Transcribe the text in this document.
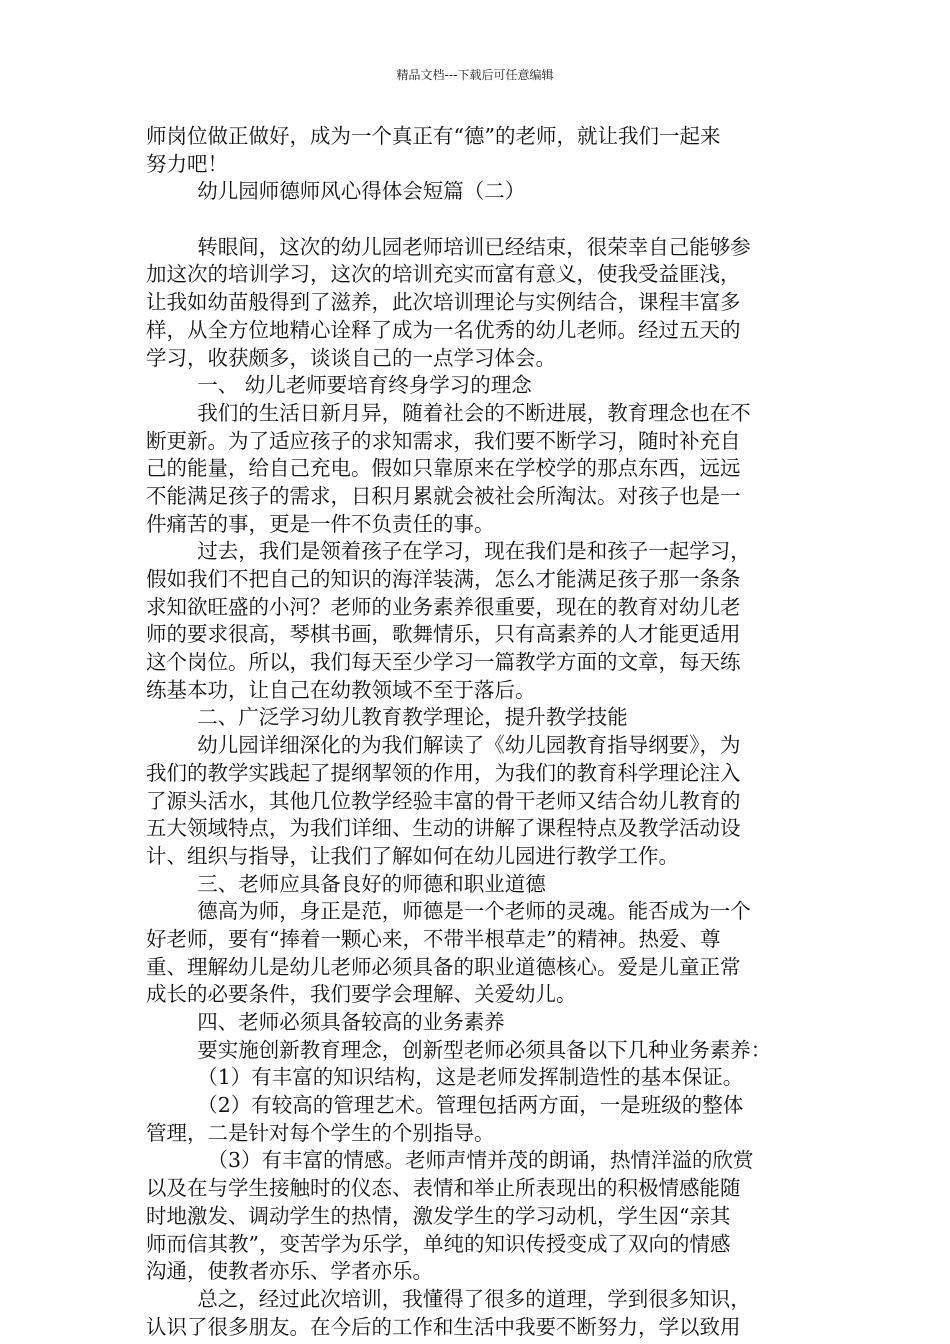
精品文档---下载后可任意编辑
师岗位做正做好，成为一个真正有“德”的老师，就让我们一起来
努力吧！
幼儿园师德师风心得体会短篇（二）
转眼间，这次的幼儿园老师培训已经结束，很荣幸自己能够参
加这次的培训学习，这次的培训充实而富有意义，使我受益匪浅，
让我如幼苗般得到了滋养，此次培训理论与实例结合，课程丰富多
样，从全方位地精心诠释了成为一名优秀的幼儿老师。经过五天的
学习，收获颇多，谈谈自己的一点学习体会。
一、 幼儿老师要培育终身学习的理念
我们的生活日新月异，随着社会的不断进展，教育理念也在不
断更新。为了适应孩子的求知需求，我们要不断学习，随时补充自
己的能量，给自己充电。假如只靠原来在学校学的那点东西，远远
不能满足孩子的需求，日积月累就会被社会所淘汰。对孩子也是一
件痛苦的事，更是一件不负责任的事。
过去，我们是领着孩子在学习，现在我们是和孩子一起学习，
假如我们不把自己的知识的海洋装满，怎么才能满足孩子那一条条
求知欲旺盛的小河？老师的业务素养很重要，现在的教育对幼儿老
师的要求很高，琴棋书画，歌舞情乐，只有高素养的人才能更适用
这个岗位。所以，我们每天至少学习一篇教学方面的文章，每天练
练基本功，让自己在幼教领域不至于落后。
二、广泛学习幼儿教育教学理论，提升教学技能
幼儿园详细深化的为我们解读了《幼儿园教育指导纲要》，为
我们的教学实践起了提纲挈领的作用，为我们的教育科学理论注入
了源头活水，其他几位教学经验丰富的骨干老师又结合幼儿教育的
五大领域特点，为我们详细、生动的讲解了课程特点及教学活动设
计、组织与指导，让我们了解如何在幼儿园进行教学工作。
三、老师应具备良好的师德和职业道德
德高为师，身正是范，师德是一个老师的灵魂。能否成为一个
好老师，要有“捧着一颗心来，不带半根草走”的精神。热爱、尊
重、理解幼儿是幼儿老师必须具备的职业道德核心。爱是儿童正常
成长的必要条件，我们要学会理解、关爱幼儿。
四、老师必须具备较高的业务素养
要实施创新教育理念，创新型老师必须具备以下几种业务素养：
（1）有丰富的知识结构，这是老师发挥制造性的基本保证。
（2）有较高的管理艺术。管理包括两方面，一是班级的整体
管理，二是针对每个学生的个别指导。
（3）有丰富的情感。老师声情并茂的朗诵，热情洋溢的欣赏
以及在与学生接触时的仪态、表情和举止所表现出的积极情感能随
时地激发、调动学生的热情，激发学生的学习动机，学生因“亲其
师而信其教”，变苦学为乐学，单纯的知识传授变成了双向的情感
沟通，使教者亦乐、学者亦乐。
总之，经过此次培训，我懂得了很多的道理，学到很多知识，
认识了很多朋友。在今后的工作和生活中我要不断努力，学以致用
